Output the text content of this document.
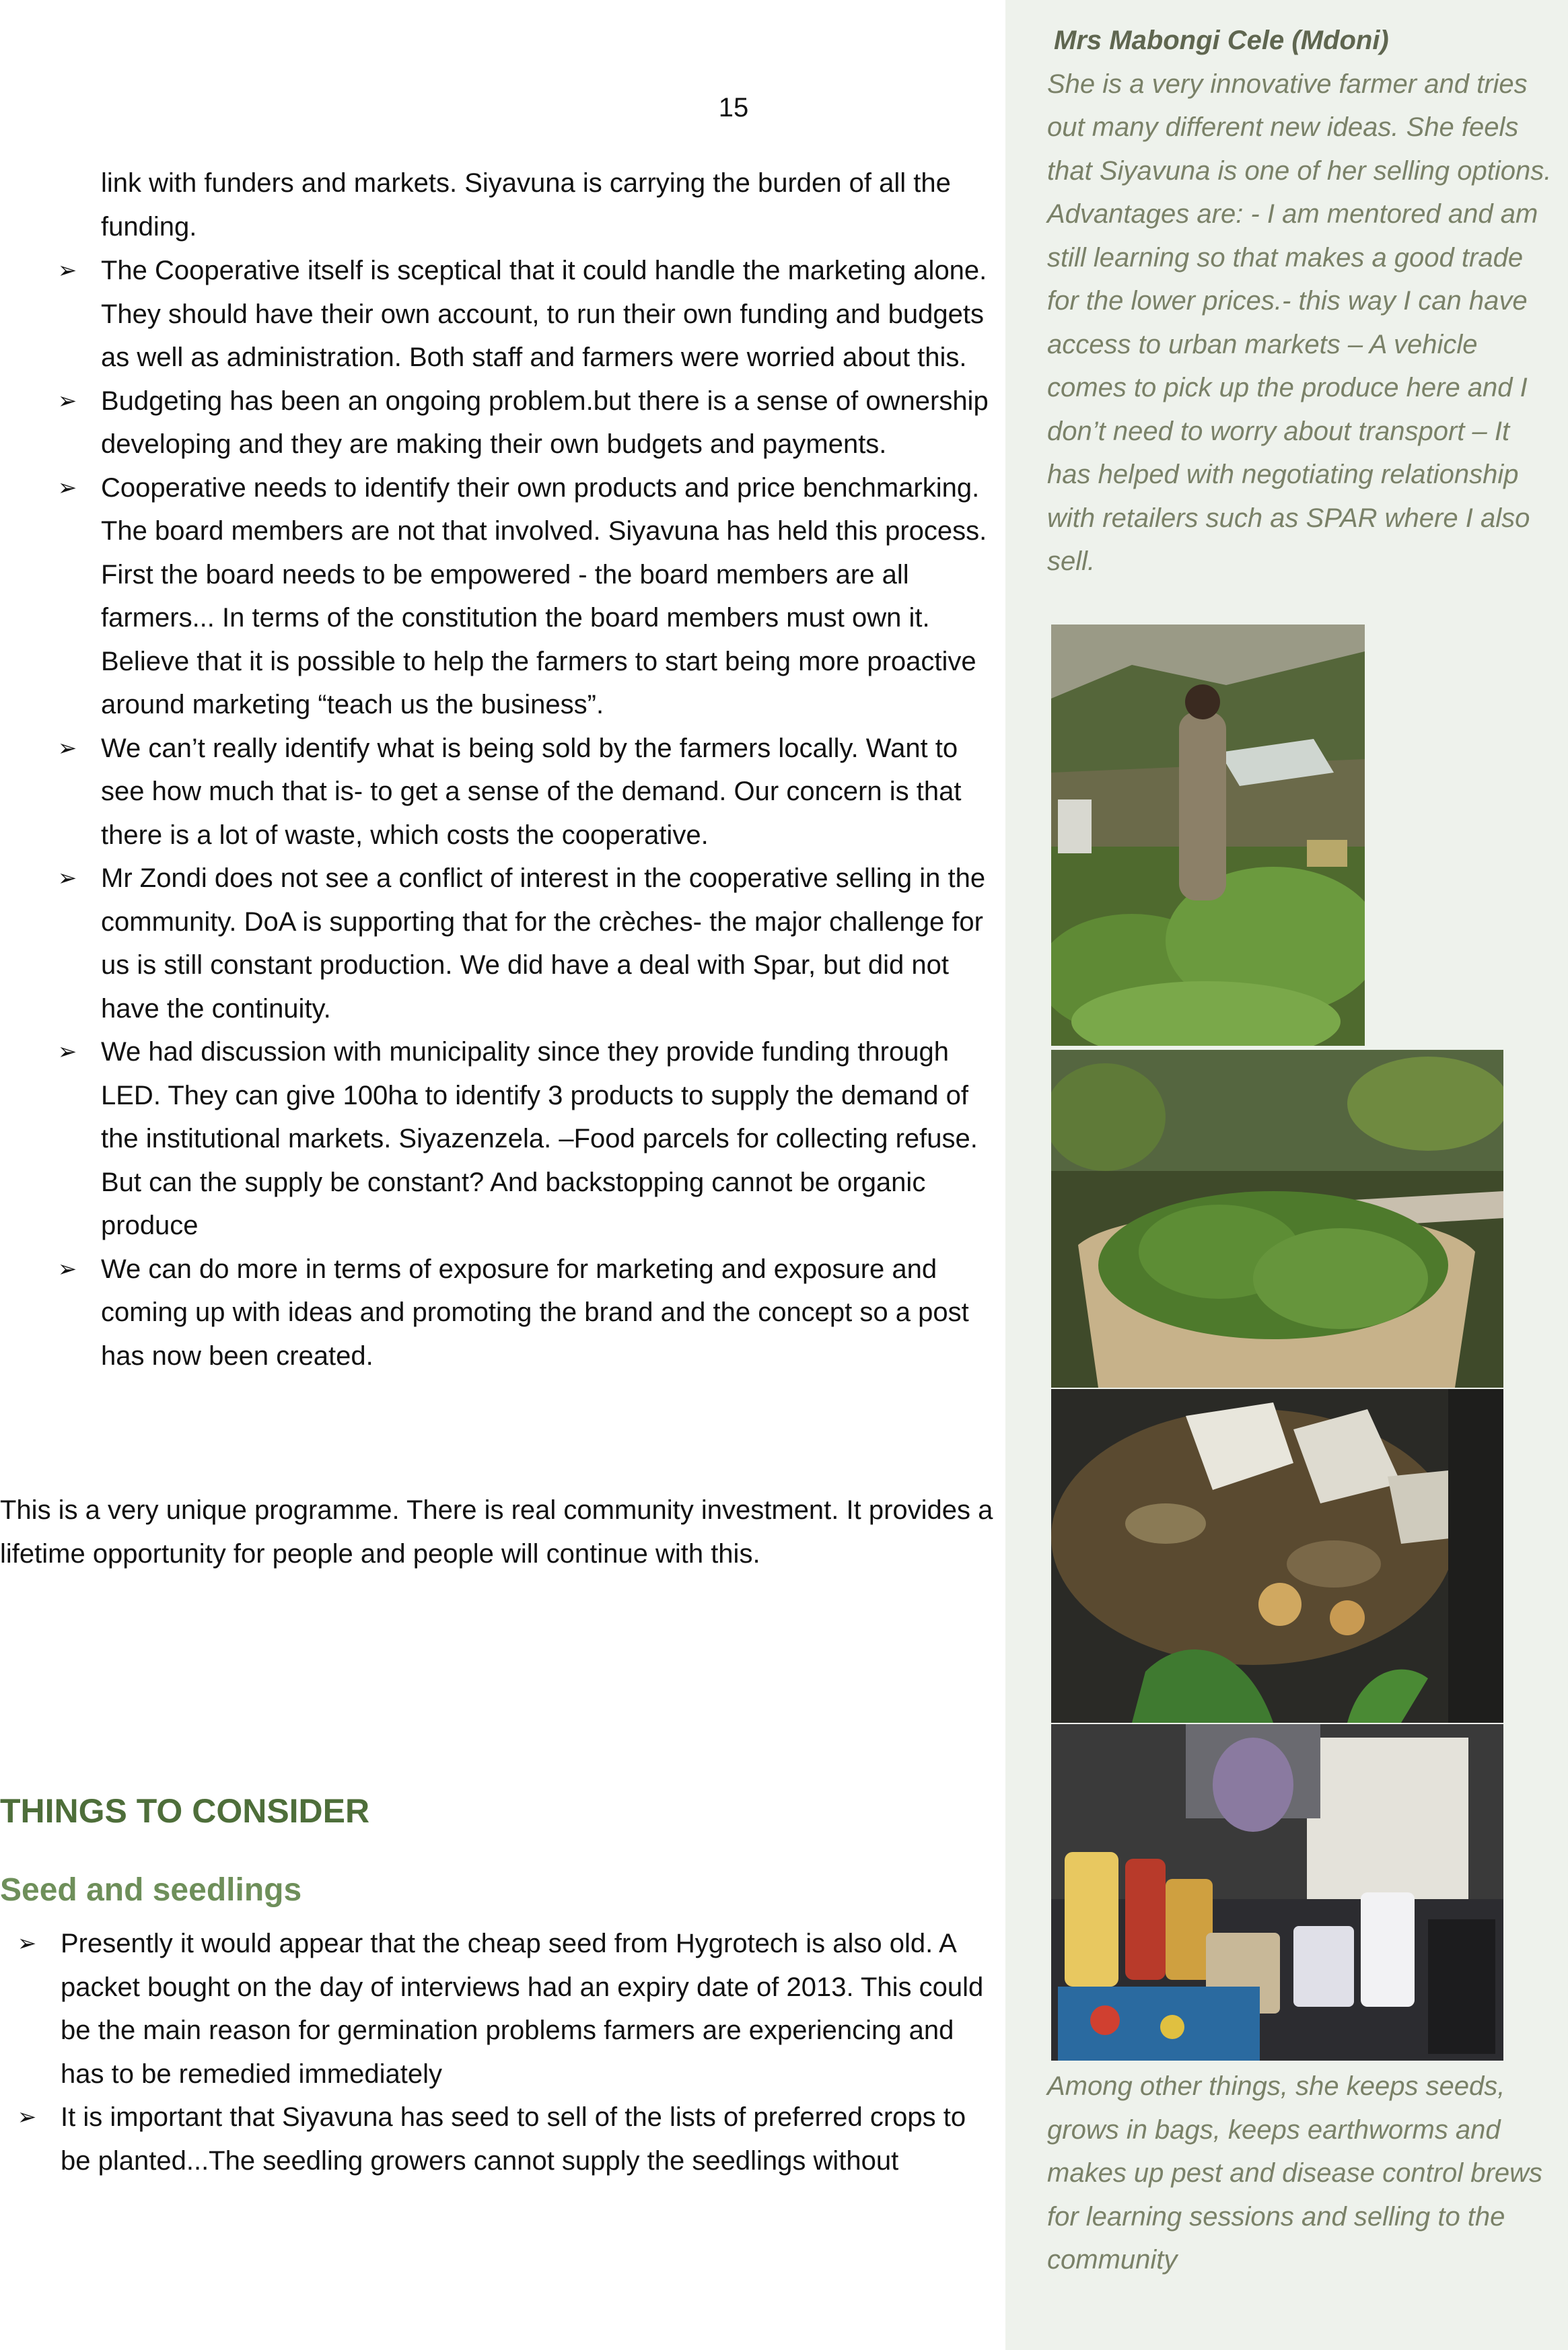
15
link with funders and markets. Siyavuna is carrying the burden of all the funding.
➢ The Cooperative itself is sceptical that it could handle the marketing alone. They should have their own account, to run their own funding and budgets as well as administration. Both staff and farmers were worried about this.
➢ Budgeting has been an ongoing problem.but there is a sense of ownership developing and they are making their own budgets and payments.
➢ Cooperative needs to identify their own products and price benchmarking. The board members are not that involved. Siyavuna has held this process. First the board needs to be empowered - the board members are all farmers... In terms of the constitution the board members must own it. Believe that it is possible to help the farmers to start being more proactive around marketing “teach us the business”.
➢ We can’t really identify what is being sold by the farmers locally. Want to see how much that is- to get a sense of the demand. Our concern is that there is a lot of waste, which costs the cooperative.
➢ Mr Zondi does not see a conflict of interest in the cooperative selling in the community. DoA is supporting that for the crèches- the major challenge for us is still constant production. We did have a deal with Spar, but did not have the continuity.
➢ We had discussion with municipality since they provide funding through LED. They can give 100ha to identify 3 products to supply the demand of the institutional markets. Siyazenzela. –Food parcels for collecting refuse. But can the supply be constant? And backstopping cannot be organic produce
➢ We can do more in terms of exposure for marketing and exposure and coming up with ideas and promoting the brand and the concept so a post has now been created.
This is a very unique programme. There is real community investment. It provides a lifetime opportunity for people and people will continue with this.
THINGS TO CONSIDER
Seed and seedlings
➢ Presently it would appear that the cheap seed from Hygrotech is also old. A packet bought on the day of interviews had an expiry date of 2013. This could be the main reason for germination problems farmers are experiencing and has to be remedied immediately
➢ It is important that Siyavuna has seed to sell of the lists of preferred crops to be planted...The seedling growers cannot supply the seedlings without
Mrs Mabongi Cele (Mdoni)
She is a very innovative farmer and tries out many different new ideas. She feels that Siyavuna is one of her selling options. Advantages are: - I am mentored and am still learning so that makes a good trade for the lower prices.- this way I can have access to urban markets – A vehicle comes to pick up the produce here and I don’t need to worry about transport – It has helped with negotiating relationship with retailers such as SPAR where I also sell.
Among other things, she keeps seeds, grows in bags, keeps earthworms and makes up pest and disease control brews for learning sessions and selling to the community
